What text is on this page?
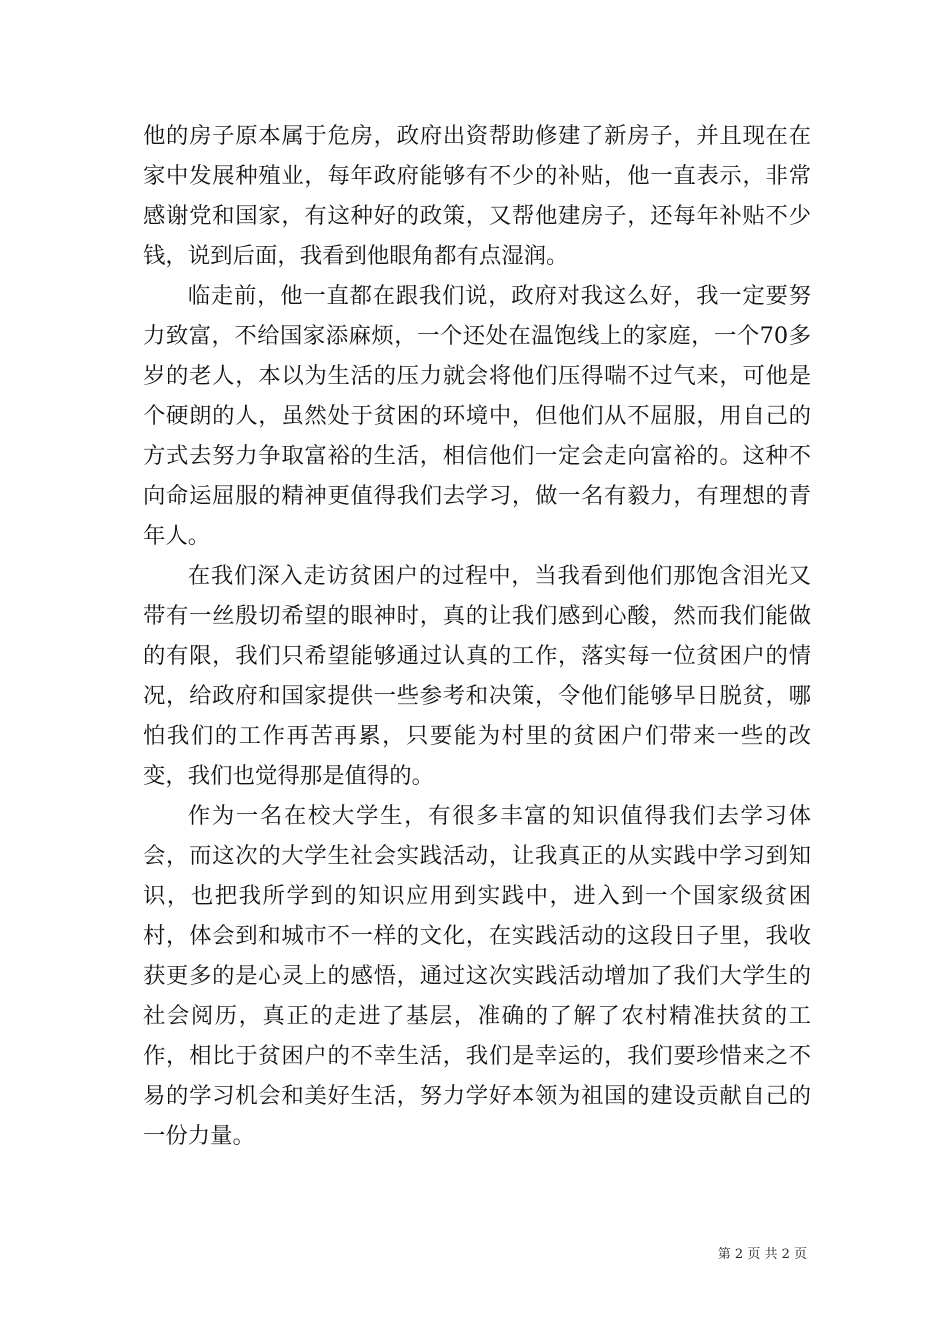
他的房子原本属于危房，政府出资帮助修建了新房子，并且现在在家中发展种殖业，每年政府能够有不少的补贴，他一直表示，非常感谢党和国家，有这种好的政策，又帮他建房子，还每年补贴不少钱，说到后面，我看到他眼角都有点湿润。

临走前，他一直都在跟我们说，政府对我这么好，我一定要努力致富，不给国家添麻烦，一个还处在温饱线上的家庭，一个70多岁的老人，本以为生活的压力就会将他们压得喘不过气来，可他是个硬朗的人，虽然处于贫困的环境中，但他们从不屈服，用自己的方式去努力争取富裕的生活，相信他们一定会走向富裕的。这种不向命运屈服的精神更值得我们去学习，做一名有毅力，有理想的青年人。

在我们深入走访贫困户的过程中，当我看到他们那饱含泪光又带有一丝殷切希望的眼神时，真的让我们感到心酸，然而我们能做的有限，我们只希望能够通过认真的工作，落实每一位贫困户的情况，给政府和国家提供一些参考和决策，令他们能够早日脱贫，哪怕我们的工作再苦再累，只要能为村里的贫困户们带来一些的改变，我们也觉得那是值得的。

作为一名在校大学生，有很多丰富的知识值得我们去学习体会，而这次的大学生社会实践活动，让我真正的从实践中学习到知识，也把我所学到的知识应用到实践中，进入到一个国家级贫困村，体会到和城市不一样的文化，在实践活动的这段日子里，我收获更多的是心灵上的感悟，通过这次实践活动增加了我们大学生的社会阅历，真正的走进了基层，准确的了解了农村精准扶贫的工作，相比于贫困户的不幸生活，我们是幸运的，我们要珍惜来之不易的学习机会和美好生活，努力学好本领为祖国的建设贡献自己的一份力量。

第 2 页 共 2 页
